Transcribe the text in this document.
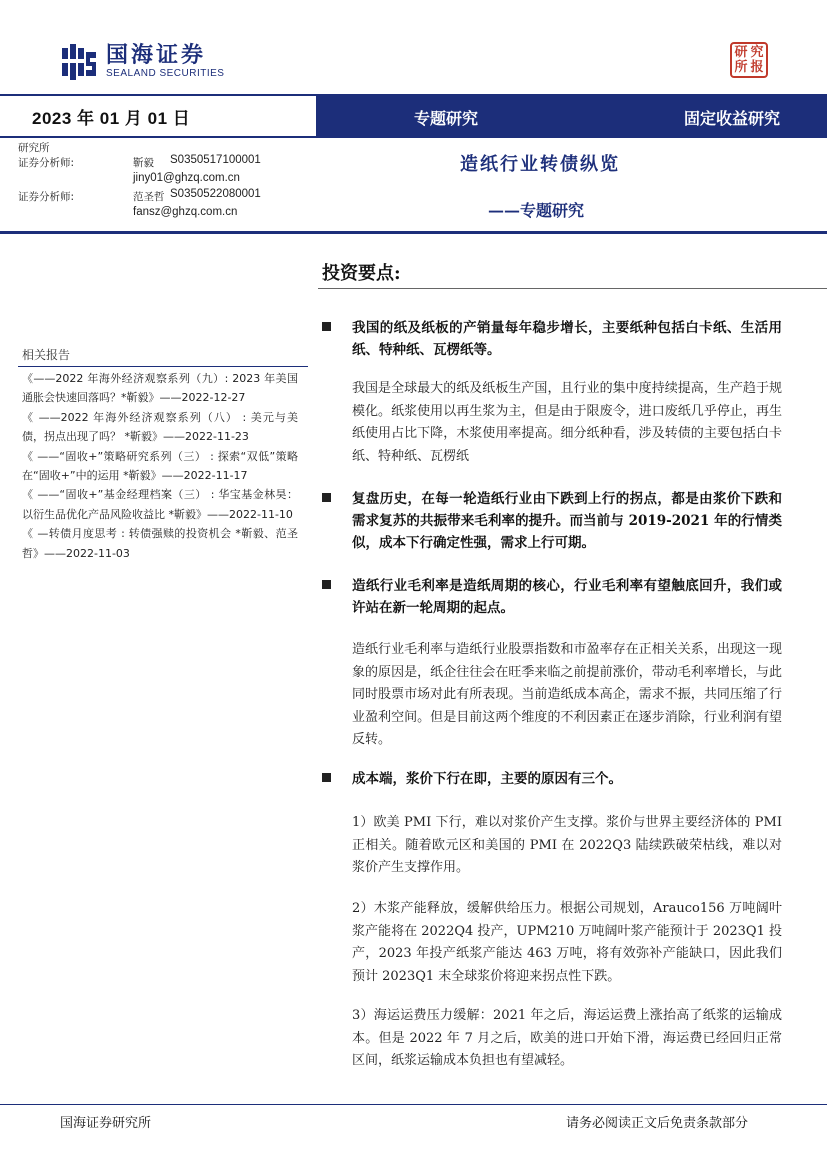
国海证券
SEALAND SECURITIES
研 究
所 报
2023 年 01 月 01 日	专题研究	固定收益研究
研究所
证券分析师:	靳毅 S0350517100001
jiny01@ghzq.com.cn
证券分析师:	范圣哲 S0350522080001
fansz@ghzq.com.cn
造纸行业转债纵览
——专题研究
相关报告
《——2022 年海外经济观察系列（九）: 2023 年美国通胀会快速回落吗？*靳毅》——2022-12-27
《 ——2022 年海外经济观察系列（八） : 美元与美债，拐点出现了吗？ *靳毅》——2022-11-23
《 ——“固收+”策略研究系列（三） : 探索“双低”策略在“固收+”中的运用 *靳毅》——2022-11-17
《 ——“固收+”基金经理档案（三） : 华宝基金林昊：以衍生品优化产品风险收益比 *靳毅》——2022-11-10
《 —转债月度思考 : 转债强赎的投资机会 *靳毅、范圣哲》——2022-11-03
投资要点:
我国的纸及纸板的产销量每年稳步增长，主要纸种包括白卡纸、生活用纸、特种纸、瓦楞纸等。
我国是全球最大的纸及纸板生产国，且行业的集中度持续提高，生产趋于规模化。纸浆使用以再生浆为主，但是由于限废令，进口废纸几乎停止，再生纸使用占比下降，木浆使用率提高。细分纸种看，涉及转债的主要包括白卡纸、特种纸、瓦楞纸
复盘历史，在每一轮造纸行业由下跌到上行的拐点，都是由浆价下跌和需求复苏的共振带来毛利率的提升。而当前与 2019-2021 年的行情类似，成本下行确定性强，需求上行可期。
造纸行业毛利率是造纸周期的核心，行业毛利率有望触底回升，我们或许站在新一轮周期的起点。
造纸行业毛利率与造纸行业股票指数和市盈率存在正相关关系，出现这一现象的原因是，纸企往往会在旺季来临之前提前涨价，带动毛利率增长，与此同时股票市场对此有所表现。当前造纸成本高企，需求不振，共同压缩了行业盈利空间。但是目前这两个维度的不利因素正在逐步消除，行业利润有望反转。
成本端，浆价下行在即，主要的原因有三个。
1）欧美 PMI 下行，难以对浆价产生支撑。浆价与世界主要经济体的 PMI 正相关。随着欧元区和美国的 PMI 在 2022Q3 陆续跌破荣枯线，难以对浆价产生支撑作用。
2）木浆产能释放，缓解供给压力。根据公司规划，Arauco156 万吨阔叶浆产能将在 2022Q4 投产，UPM210 万吨阔叶浆产能预计于 2023Q1 投产，2023 年投产纸浆产能达 463 万吨，将有效弥补产能缺口，因此我们预计 2023Q1 末全球浆价将迎来拐点性下跌。
3）海运运费压力缓解：2021 年之后，海运运费上涨抬高了纸浆的运输成本。但是 2022 年 7 月之后，欧美的进口开始下滑，海运费已经回归正常区间，纸浆运输成本负担也有望减轻。
国海证券研究所	请务必阅读正文后免责条款部分
